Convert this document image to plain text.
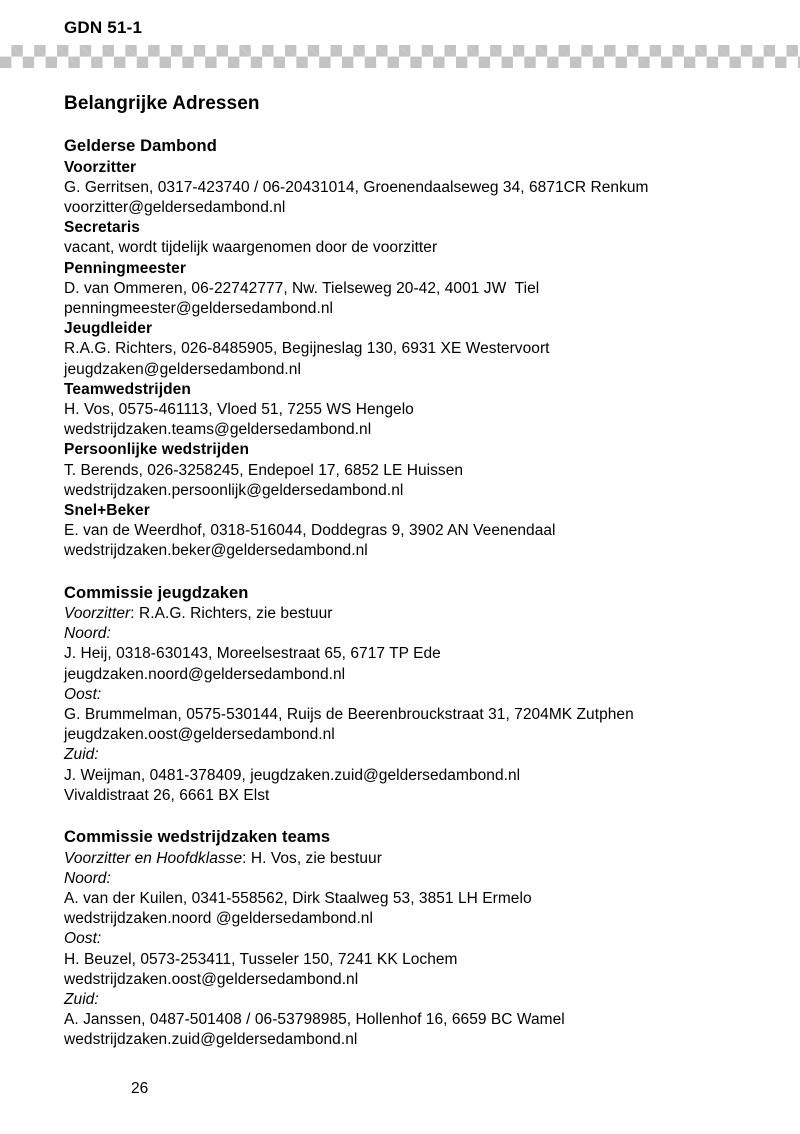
GDN 51-1
Belangrijke Adressen
Gelderse Dambond
Voorzitter
G. Gerritsen, 0317-423740 / 06-20431014, Groenendaalseweg 34, 6871CR Renkum
voorzitter@geldersedambond.nl
Secretaris
vacant, wordt tijdelijk waargenomen door de voorzitter
Penningmeester
D. van Ommeren, 06-22742777, Nw. Tielseweg 20-42, 4001 JW  Tiel
penningmeester@geldersedambond.nl
Jeugdleider
R.A.G. Richters, 026-8485905, Begijneslag 130, 6931 XE Westervoort
jeugdzaken@geldersedambond.nl
Teamwedstrijden
H. Vos, 0575-461113, Vloed 51, 7255 WS Hengelo
wedstrijdzaken.teams@geldersedambond.nl
Persoonlijke wedstrijden
T. Berends, 026-3258245, Endepoel 17, 6852 LE Huissen
wedstrijdzaken.persoonlijk@geldersedambond.nl
Snel+Beker
E. van de Weerdhof, 0318-516044, Doddegras 9, 3902 AN Veenendaal
wedstrijdzaken.beker@geldersedambond.nl
Commissie jeugdzaken
Voorzitter: R.A.G. Richters, zie bestuur
Noord:
J. Heij, 0318-630143, Moreelsestraat 65, 6717 TP Ede
jeugdzaken.noord@geldersedambond.nl
Oost:
G. Brummelman, 0575-530144, Ruijs de Beerenbrouckstraat 31, 7204MK Zutphen
jeugdzaken.oost@geldersedambond.nl
Zuid:
J. Weijman, 0481-378409, jeugdzaken.zuid@geldersedambond.nl
Vivaldistraat 26, 6661 BX Elst
Commissie wedstrijdzaken teams
Voorzitter en Hoofdklasse: H. Vos, zie bestuur
Noord:
A. van der Kuilen, 0341-558562, Dirk Staalweg 53, 3851 LH Ermelo
wedstrijdzaken.noord @geldersedambond.nl
Oost:
H. Beuzel, 0573-253411, Tusseler 150, 7241 KK Lochem
wedstrijdzaken.oost@geldersedambond.nl
Zuid:
A. Janssen, 0487-501408 / 06-53798985, Hollenhof 16, 6659 BC Wamel
wedstrijdzaken.zuid@geldersedambond.nl
26
